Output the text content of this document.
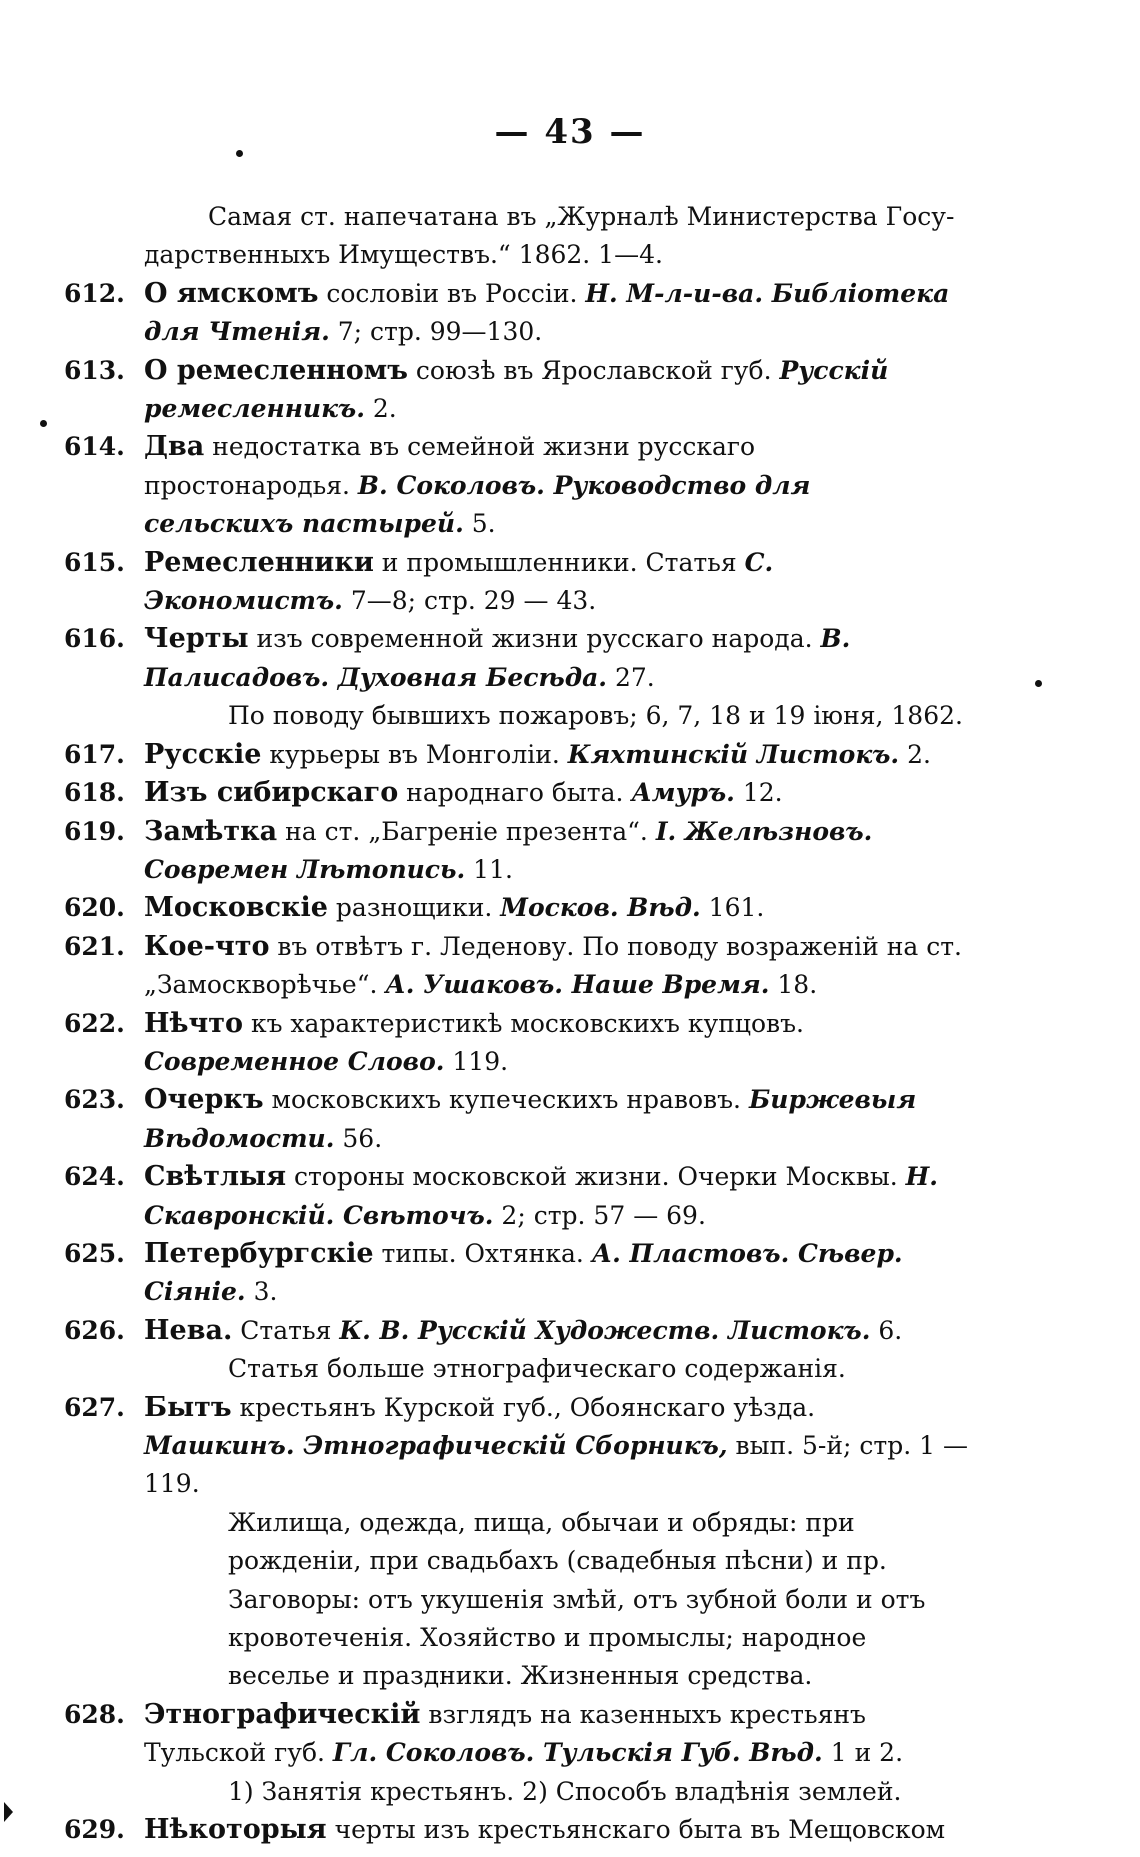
— 43 —
Самая ст. напечатана въ „Журналѣ Министерства Госу-
дарственныхъ Имуществъ.“ 1862. 1—4.
612. О ямскомъ сословіи въ Россіи. Н. М-л-и-ва. Библіотека для Чтенія. 7; стр. 99—130.
613. О ремесленномъ союзѣ въ Ярославской губ. Русскій ремесленникъ. 2.
614. Два недостатка въ семейной жизни русскаго простонародья. В. Соколовъ. Руководство для сельскихъ пастырей. 5.
615. Ремесленники и промышленники. Статья С. Экономистъ. 7—8; стр. 29 — 43.
616. Черты изъ современной жизни русскаго народа. В. Палисадовъ. Духовная Бесѣда. 27.
По поводу бывшихъ пожаровъ; 6, 7, 18 и 19 іюня, 1862.
617. Русскіе курьеры въ Монголіи. Кяхтинскій Листокъ. 2.
618. Изъ сибирскаго народнаго быта. Амуръ. 12.
619. Замѣтка на ст. „Багреніе презента“. І. Желѣзновъ. Современ Лѣтопись. 11.
620. Московскіе разнощики. Москов. Вѣд. 161.
621. Кое-что въ отвѣтъ г. Леденову. По поводу возраженій на ст. „Замоскворѣчье“. А. Ушаковъ. Наше Время. 18.
622. Нѣчто къ характеристикѣ московскихъ купцовъ. Современное Слово. 119.
623. Очеркъ московскихъ купеческихъ нравовъ. Биржевыя Вѣдомости. 56.
624. Свѣтлыя стороны московской жизни. Очерки Москвы. Н. Скавронскій. Свѣточъ. 2; стр. 57 — 69.
625. Петербургскіе типы. Охтянка. А. Пластовъ. Сѣвер. Сіяніе. 3.
626. Нева. Статья К. В. Русскій Художеств. Листокъ. 6.
Статья больше этнографическаго содержанія.
627. Бытъ крестьянъ Курской губ., Обоянскаго уѣзда. Машкинъ. Этнографическій Сборникъ, вып. 5-й; стр. 1 — 119.
Жилища, одежда, пища, обычаи и обряды: при рожденіи, при свадьбахъ (свадебныя пѣсни) и пр. Заговоры: отъ укушенія змѣй, отъ зубной боли и отъ кровотеченія. Хозяйство и промыслы; народное веселье и праздники. Жизненныя средства.
628. Этнографическій взглядъ на казенныхъ крестьянъ Тульской губ. Гл. Соколовъ. Тульскія Губ. Вѣд. 1 и 2.
1) Занятія крестьянъ. 2) Способъ владѣнія землей.
629. Нѣкоторыя черты изъ крестьянскаго быта въ Мещовском
